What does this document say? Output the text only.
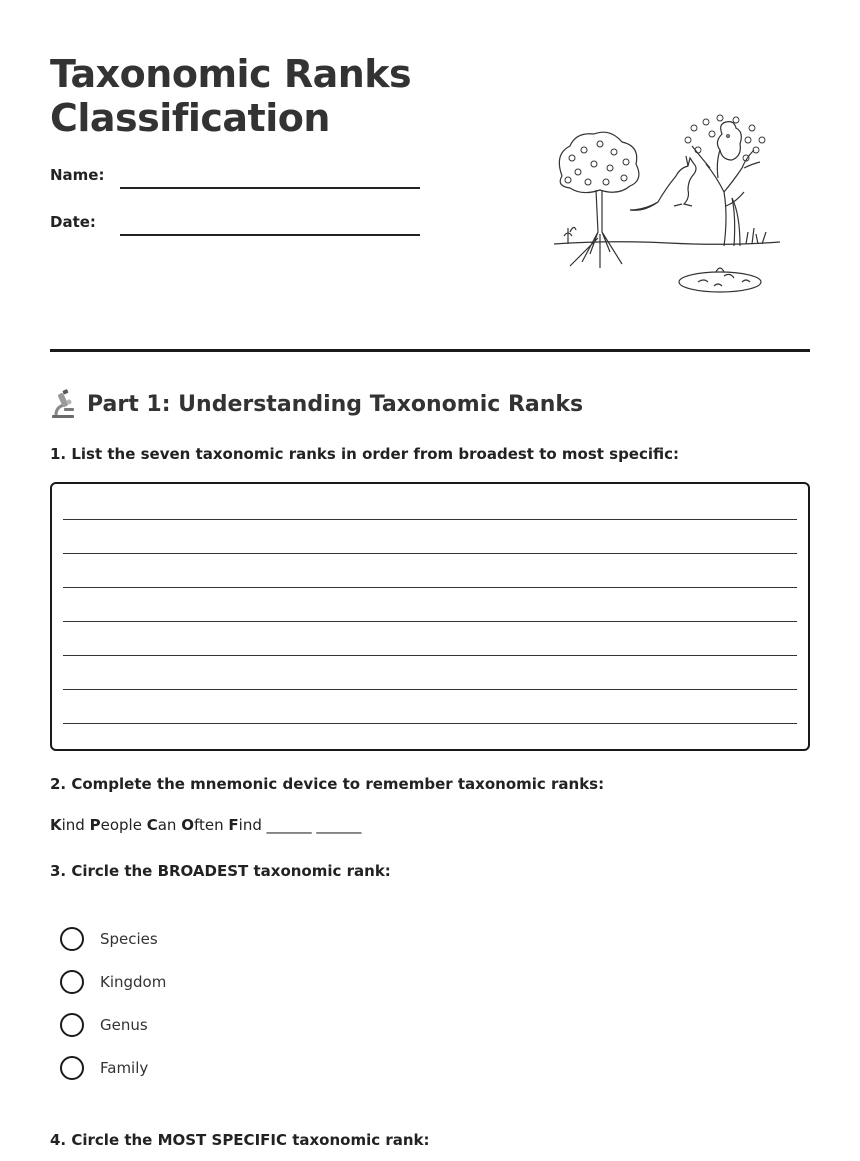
Taxonomic Ranks
Classification
Name:
Date:
Part 1: Understanding Taxonomic Ranks
1. List the seven taxonomic ranks in order from broadest to most specific:
2. Complete the mnemonic device to remember taxonomic ranks:
Kind People Can Often Find ______ ______
3. Circle the BROADEST taxonomic rank:
Species
Kingdom
Genus
Family
4. Circle the MOST SPECIFIC taxonomic rank:
